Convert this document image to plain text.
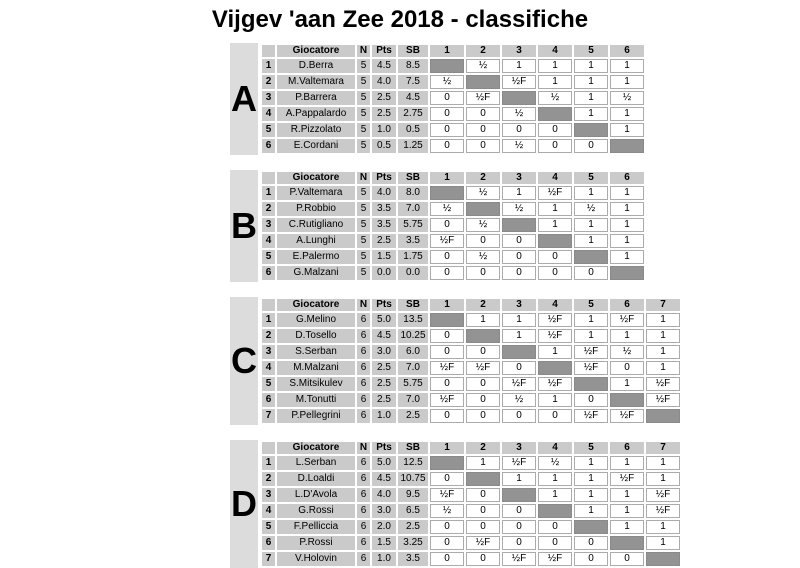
Vijgev 'aan Zee 2018 - classifiche
A
	Giocatore	N	Pts	SB	1	2	3	4	5	6
1	D.Berra	5	4.5	8.5		½	1	1	1	1
2	M.Valtemara	5	4.0	7.5	½		½F	1	1	1
3	P.Barrera	5	2.5	4.5	0	½F		½	1	½
4	A.Pappalardo	5	2.5	2.75	0	0	½		1	1
5	R.Pizzolato	5	1.0	0.5	0	0	0	0		1
6	E.Cordani	5	0.5	1.25	0	0	½	0	0	
B
	Giocatore	N	Pts	SB	1	2	3	4	5	6
1	P.Valtemara	5	4.0	8.0		½	1	½F	1	1
2	P.Robbio	5	3.5	7.0	½		½	1	½	1
3	C.Rutigliano	5	3.5	5.75	0	½		1	1	1
4	A.Lunghi	5	2.5	3.5	½F	0	0		1	1
5	E.Palermo	5	1.5	1.75	0	½	0	0		1
6	G.Malzani	5	0.0	0.0	0	0	0	0	0	
C
	Giocatore	N	Pts	SB	1	2	3	4	5	6	7
1	G.Melino	6	5.0	13.5		1	1	½F	1	½F	1
2	D.Tosello	6	4.5	10.25	0		1	½F	1	1	1
3	S.Serban	6	3.0	6.0	0	0		1	½F	½	1
4	M.Malzani	6	2.5	7.0	½F	½F	0		½F	0	1
5	S.Mitsikulev	6	2.5	5.75	0	0	½F	½F		1	½F
6	M.Tonutti	6	2.5	7.0	½F	0	½	1	0		½F
7	P.Pellegrini	6	1.0	2.5	0	0	0	0	½F	½F	
D
	Giocatore	N	Pts	SB	1	2	3	4	5	6	7
1	L.Serban	6	5.0	12.5		1	½F	½	1	1	1
2	D.Loaldi	6	4.5	10.75	0		1	1	1	½F	1
3	L.D'Avola	6	4.0	9.5	½F	0		1	1	1	½F
4	G.Rossi	6	3.0	6.5	½	0	0		1	1	½F
5	F.Pelliccia	6	2.0	2.5	0	0	0	0		1	1
6	P.Rossi	6	1.5	3.25	0	½F	0	0	0		1
7	V.Holovin	6	1.0	3.5	0	0	½F	½F	0	0	
